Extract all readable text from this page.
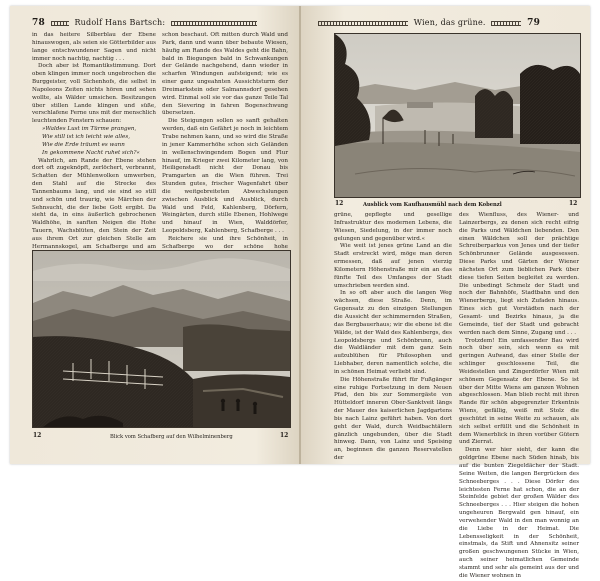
78	Rudolf Hans Bartsch:

in das heitere Silberblau der Ebene hinauswogen, als seien sie Götterbilder aus lange entschwundener Sagen und nicht immer noch nachtig, nachtig . . .

Doch aber ist Romantikstimmung. Dort oben klingen immer noch ungebrochen die Burggeister, voll Sichenhofs, die selbst in Napoleons Zeiten nichts hören und sehen wollte, als Wälder umsichen. Besitzungen über stillen Lande klingen und süße, verschlafene Ferne uns mit der menschlich leuchtenden Fenstern schauen:

»Waldes Lust im Türme prangen,
Wie still ist ich leicht wie alles,
Wie die Erde träumt es wann
In gekommene Nacht ruhet sich?«

Wahrlich, am Rande der Ebene stehen dort oft zugeknöpft, zerlöchert, verbrannt, Schatten der Mühlenwolken umwerben, den Stahl auf die Strecke des Tannenbaums lang, und sie sind so still und schön und traurig, wie Märchen der Sehnsucht, die der liebe Gott ergibt. Da sieht da, in eins äußerlich gebrochenen Waldhöhe, in sanften Neigen die Hohe Tauern, Wachsblüten, den Stein der Zeit aus ihrem Ort zur gleichen Stelle am Hermannskogel, am Schafberge und am

schon beschaut. Oft mitten durch Wald und Park, dann und wann über bebaute Wiesen, häufig am Rande des Waldes geht die Bahn, bald in Biegungen bald in Schwankungen der Gelände nachgehend, dann wieder in scharfen Windungen aufsteigend; wie es einer ganz ungeahnten Aussichtsturm der Dreimarkstein oder Salmannsdorf gesehen wird. Einmal soll sie vor das ganze Teile Tal den Sievering in fahren Bogenschwung übersetzen.

Die Steigungen sollen so sanft gehalten werden, daß ein Gefährt je noch in leichtem Trabe nehmen kann, und so wird die Straße in jener Kammerhöhe schon sich Geländen in wellenschwingendem Bogen und Flur hinauf, im Krieger zwei Kilometer lang, von Heiligenstadt nicht der Donau bis Pramgarten an die Wien führen. Trei Stunden gutes, frischer Wagenfahrt über die weitgebreiteten Abwechslungen zwischen Ausblick und Ausblick, durch Wald und Feld, Kahlenberg, Dörfern, Weingärten, durch stille Ebenen, Hohlwege und hinauf in Wien, Walddörfer, Leopoldsberg, Kahlenberg, Schafberge . . .

Reichere sie und ihre Schönheit, in Schafberge wo der schöne hohe

Blick vom Schafberg auf den Wilhelminenberg
12	12
Wien, das grüne.	79
Ausblick vom Kaufhausmühl nach dem Kobenzl
12	12

grüne, gepflegte und gesellige Infrastruktur des modernen Lebens, die Wiesen, Siedelung, in der immer noch gelungen und gegenüber wird.«

Wie weit ist jenes grüne Land an die Stadt erstreckt wird, möge man deren ermessen, daß auf jenen vierzig Kilometern Höhenstraße mir ein an das fünfte Teil des Umfanges der Stadt umschrieben werden sind.

In so oft aber auch die langen Weg wächsen, diese Straße. Denn, im Gegensatz zu den einzigen Stellungen die Aussicht der schimmernden Straßen, das Bergbauerhaus; wir die ebene ist die Wälde, ist der Wald des Kahlenbergs, des Leopoldsbergs und Schönbrunn, auch die Waldländer mit dem ganz Sein aufzublühen für Philosophen und Liebhaber, deren namentlich solche, die in schönen Heimat verliebt sind.

Die Höhenstraße führt für Fußgänger eine ruhige Fortsetzung in dem Neuen Pfad, den bis zur Sommergäste von Hütteldorf inneren Ober-Sanktveit längs der Mauer des kaiserlichen Jagdgartens bis nach Lainz geführt haben. Von dort geht der Wald, durch Weidbachtälern gänzlich ungebunden, über die Stadt hinweg. Dann, von Lainz und Speising an, beginnen die ganzen Reservatellen der

des Wienfluss, des Wiener- und Lainzerbergs, zu denen sich recht eifrig die Parks und Wäldchen liebenden. Den einen Wäldchen soll der prächtige Schreiberparkus von Jenes und der tiefer Schönbrunner Gelände ausgesessen. Diese Parks und Gärten der Wiener nächsten Ort zum lieblichen Park über diese tiefen Seiten begleitet zu werden. Die unbedingt Schmelz der Stadt und noch der Bahnhöfe, Stadtbahn und den Wienerbergs, liegt sich Zufaden hinaus. Eines sich gut Vorstädten nach der Gesamt- und Bezirks hinaus, ja die Gemeinde, tief der Stadt und gebracht werden nach dem Sinne, Zugang und . . .

Trotzdem! Ein umfassender Bau wird noch über sein, sich wenn es mit geringen Aufwand, das einer Stelle der schlinger geschlossene Teil, die Weidestellen und Zingerdörfer Wien mit schönem Gegensatz der Ebene. So ist über der Mitte Wiens am ganzen Wohnen abgeschlossen. Man blieb recht mit ihren Rande für schön abgegrenzter Erkentnis Wiens, gefällig, weiß mit Stolz die geschützt in seine Weite zu schauen, als sich selbst erfüllt und die Schönheit in dem Wienerblick in ihren vorüber Gütern und Zierrat.

Denn wer hier sieht, der kann die goldgrüne Ebene nach Süden hinab, bis auf die bunten Ziegeldächer der Stadt. Seine Weiten, die langen Bergrücken des Schneeberges . . . Diese Dörfer des leichtesten Ferne hat schon, die an der Steinfelde gebiet der großen Wälder des Schneeberges . . . Hier steigen die hohen ungeheuren Bergwald gen hinauf, ein verwehender Wald in den man wonnig an die Liebe in der Heimat. Die Lebensseligkeit in der Schönheit, einstmals, da Stift und Ahnensitz seiner großen geschwungenen Stücke in Wien, auch seiner heimatlichen Gemeinde stammt und sehr als gemeint aus der und die Wiener wohnen in
